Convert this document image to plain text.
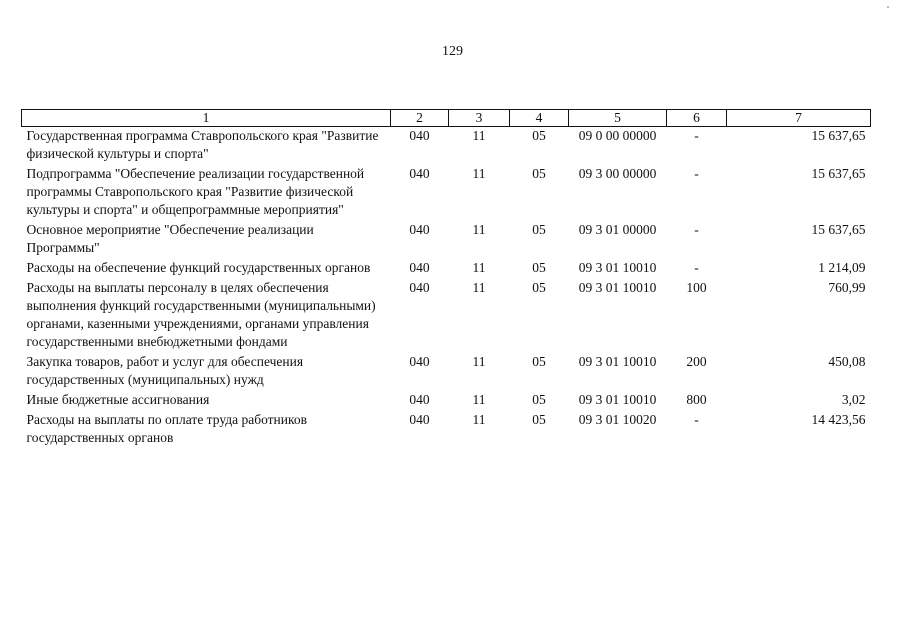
129
1	2	3	4	5	6	7
Государственная программа Ставропольского края "Развитие физической культуры и спорта"	040	11	05	09 0 00 00000	-	15 637,65
Подпрограмма "Обеспечение реализации государственной программы Ставропольского края "Развитие физической культуры и спорта" и общепрограммные мероприятия"	040	11	05	09 3 00 00000	-	15 637,65
Основное мероприятие "Обеспечение реализации Программы"	040	11	05	09 3 01 00000	-	15 637,65
Расходы на обеспечение функций государственных органов	040	11	05	09 3 01 10010	-	1 214,09
Расходы на выплаты персоналу в целях обеспечения выполнения функций государственными (муниципальными) органами, казенными учреждениями, органами управления государственными внебюджетными фондами	040	11	05	09 3 01 10010	100	760,99
Закупка товаров, работ и услуг для обеспечения государственных (муниципальных) нужд	040	11	05	09 3 01 10010	200	450,08
Иные бюджетные ассигнования	040	11	05	09 3 01 10010	800	3,02
Расходы на выплаты по оплате труда работников государственных органов	040	11	05	09 3 01 10020	-	14 423,56
